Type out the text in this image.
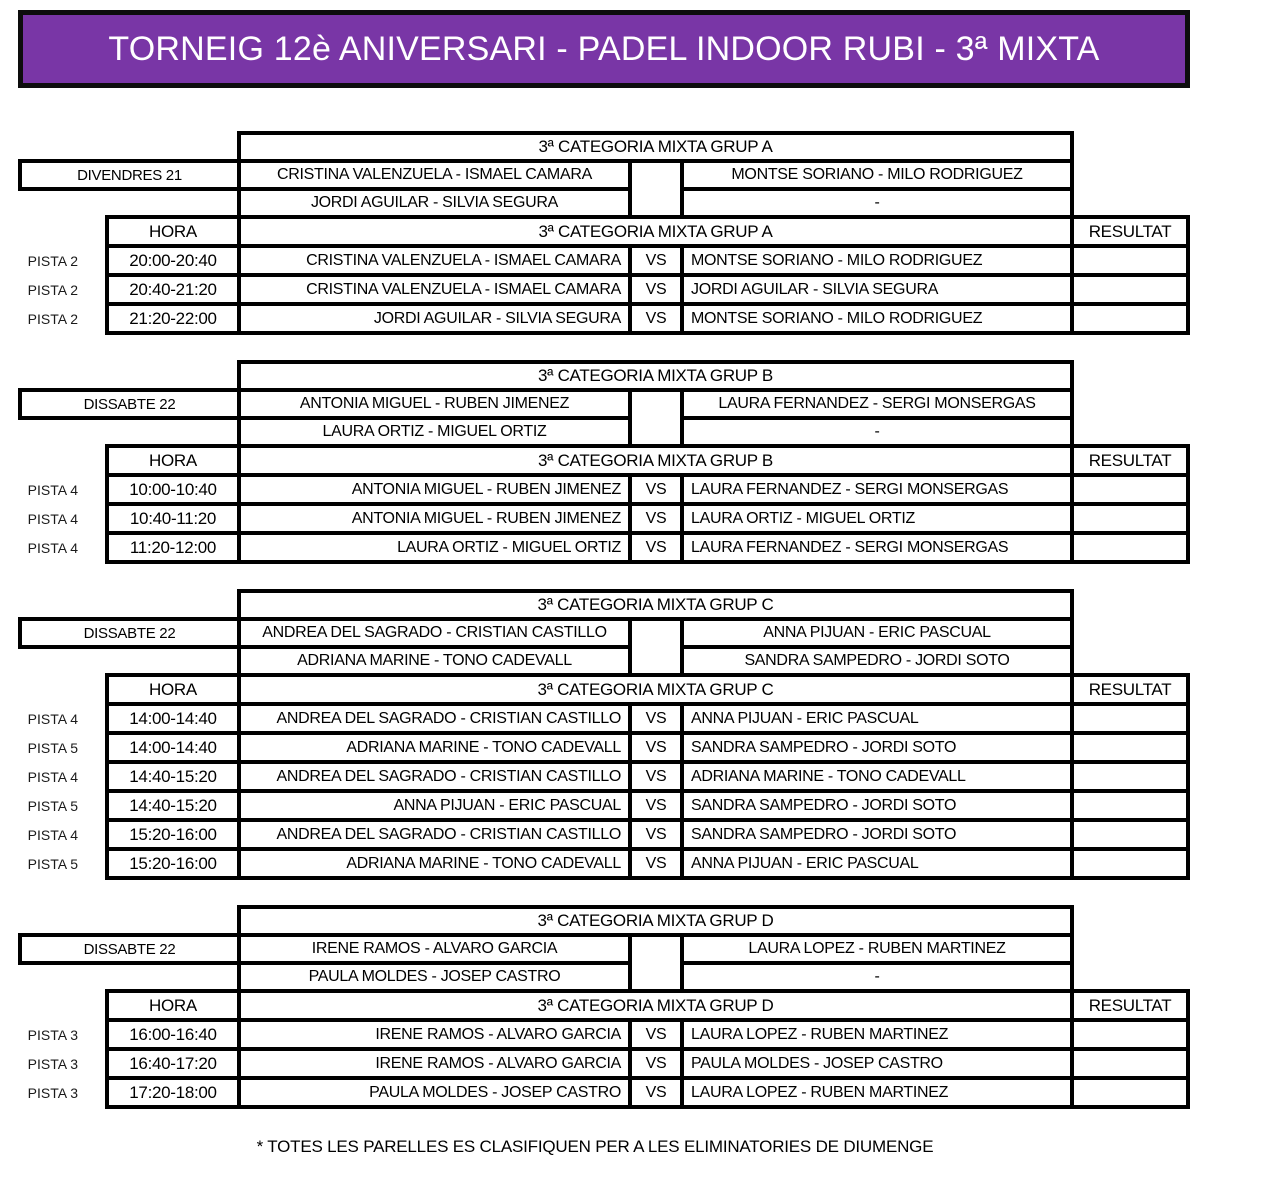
TORNEIG 12è ANIVERSARI - PADEL INDOOR RUBI - 3ª MIXTA
3ª CATEGORIA MIXTA GRUP A
DIVENDRES 21	CRISTINA VALENZUELA - ISMAEL CAMARA	MONTSE SORIANO - MILO RODRIGUEZ
JORDI AGUILAR - SILVIA SEGURA	-
HORA	3ª CATEGORIA MIXTA GRUP A	RESULTAT
PISTA 2	20:00-20:40	CRISTINA VALENZUELA - ISMAEL CAMARA	VS	MONTSE SORIANO - MILO RODRIGUEZ
PISTA 2	20:40-21:20	CRISTINA VALENZUELA - ISMAEL CAMARA	VS	JORDI AGUILAR - SILVIA SEGURA
PISTA 2	21:20-22:00	JORDI AGUILAR - SILVIA SEGURA	VS	MONTSE SORIANO - MILO RODRIGUEZ
3ª CATEGORIA MIXTA GRUP B
DISSABTE 22	ANTONIA MIGUEL - RUBEN JIMENEZ	LAURA FERNANDEZ - SERGI MONSERGAS
LAURA ORTIZ - MIGUEL ORTIZ	-
HORA	3ª CATEGORIA MIXTA GRUP B	RESULTAT
PISTA 4	10:00-10:40	ANTONIA MIGUEL - RUBEN JIMENEZ	VS	LAURA FERNANDEZ - SERGI MONSERGAS
PISTA 4	10:40-11:20	ANTONIA MIGUEL - RUBEN JIMENEZ	VS	LAURA ORTIZ - MIGUEL ORTIZ
PISTA 4	11:20-12:00	LAURA ORTIZ - MIGUEL ORTIZ	VS	LAURA FERNANDEZ - SERGI MONSERGAS
3ª CATEGORIA MIXTA GRUP C
DISSABTE 22	ANDREA DEL SAGRADO - CRISTIAN CASTILLO	ANNA PIJUAN - ERIC PASCUAL
ADRIANA MARINE - TONO CADEVALL	SANDRA SAMPEDRO - JORDI SOTO
HORA	3ª CATEGORIA MIXTA GRUP C	RESULTAT
PISTA 4	14:00-14:40	ANDREA DEL SAGRADO - CRISTIAN CASTILLO	VS	ANNA PIJUAN - ERIC PASCUAL
PISTA 5	14:00-14:40	ADRIANA MARINE - TONO CADEVALL	VS	SANDRA SAMPEDRO - JORDI SOTO
PISTA 4	14:40-15:20	ANDREA DEL SAGRADO - CRISTIAN CASTILLO	VS	ADRIANA MARINE - TONO CADEVALL
PISTA 5	14:40-15:20	ANNA PIJUAN - ERIC PASCUAL	VS	SANDRA SAMPEDRO - JORDI SOTO
PISTA 4	15:20-16:00	ANDREA DEL SAGRADO - CRISTIAN CASTILLO	VS	SANDRA SAMPEDRO - JORDI SOTO
PISTA 5	15:20-16:00	ADRIANA MARINE - TONO CADEVALL	VS	ANNA PIJUAN - ERIC PASCUAL
3ª CATEGORIA MIXTA GRUP D
DISSABTE 22	IRENE RAMOS - ALVARO GARCIA	LAURA LOPEZ - RUBEN MARTINEZ
PAULA MOLDES - JOSEP CASTRO	-
HORA	3ª CATEGORIA MIXTA GRUP D	RESULTAT
PISTA 3	16:00-16:40	IRENE RAMOS - ALVARO GARCIA	VS	LAURA LOPEZ - RUBEN MARTINEZ
PISTA 3	16:40-17:20	IRENE RAMOS - ALVARO GARCIA	VS	PAULA MOLDES - JOSEP CASTRO
PISTA 3	17:20-18:00	PAULA MOLDES - JOSEP CASTRO	VS	LAURA LOPEZ - RUBEN MARTINEZ
* TOTES LES PARELLES ES CLASIFIQUEN PER A LES ELIMINATORIES DE DIUMENGE
